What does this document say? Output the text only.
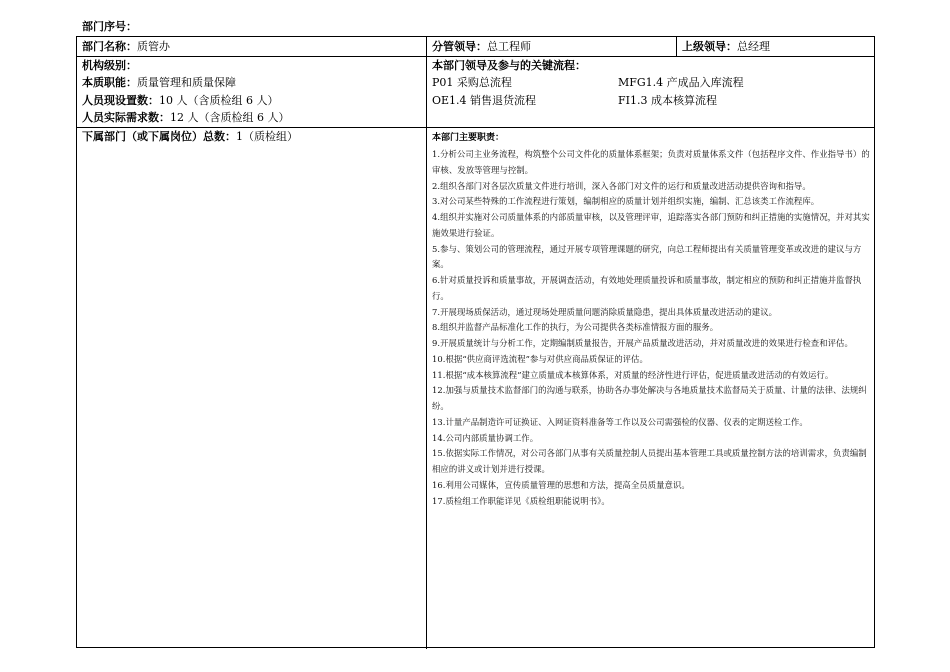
部门序号：
部门名称：质管办	分管领导：总工程师	上级领导：总经理
机构级别：
本质职能：质量管理和质量保障
人员现设置数：10 人（含质检组 6 人）
人员实际需求数：12 人（含质检组 6 人）
本部门领导及参与的关键流程：
P01 采购总流程	MFG1.4 产成品入库流程
OE1.4 销售退货流程	FI1.3 成本核算流程
下属部门（或下属岗位）总数：1（质检组）	本部门主要职责：
1.分析公司主业务流程，构筑整个公司文件化的质量体系框架；负责对质量体系文件（包括程序文件、作业指导书）的审核、发放等管理与控制。
2.组织各部门对各层次质量文件进行培训，深入各部门对文件的运行和质量改进活动提供咨询和指导。
3.对公司某些特殊的工作流程进行策划，编制相应的质量计划并组织实施，编制、汇总该类工作流程库。
4.组织并实施对公司质量体系的内部质量审核，以及管理评审，追踪落实各部门预防和纠正措施的实施情况，并对其实施效果进行验证。
5.参与、策划公司的管理流程，通过开展专项管理课题的研究，向总工程师提出有关质量管理变革或改进的建议与方案。
6.针对质量投诉和质量事故，开展调查活动，有效地处理质量投诉和质量事故，制定相应的预防和纠正措施并监督执行。
7.开展现场质保活动，通过现场处理质量问题消除质量隐患，提出具体质量改进活动的建议。
8.组织并监督产品标准化工作的执行，为公司提供各类标准情报方面的服务。
9.开展质量统计与分析工作，定期编制质量报告，开展产品质量改进活动，并对质量改进的效果进行检查和评估。
10.根据“供应商评选流程”参与对供应商品质保证的评估。
11.根据“成本核算流程”建立质量成本核算体系，对质量的经济性进行评估，促进质量改进活动的有效运行。
12.加强与质量技术监督部门的沟通与联系，协助各办事处解决与各地质量技术监督局关于质量、计量的法律、法规纠纷。
13.计量产品制造许可证换证、入网证资料准备等工作以及公司需强检的仪器、仪表的定期送检工作。
14.公司内部质量协调工作。
15.依据实际工作情况，对公司各部门从事有关质量控制人员提出基本管理工具或质量控制方法的培训需求，负责编制相应的讲义或计划并进行授课。
16.利用公司媒体，宣传质量管理的思想和方法，提高全员质量意识。
17.质检组工作职能详见《质检组职能说明书》。
